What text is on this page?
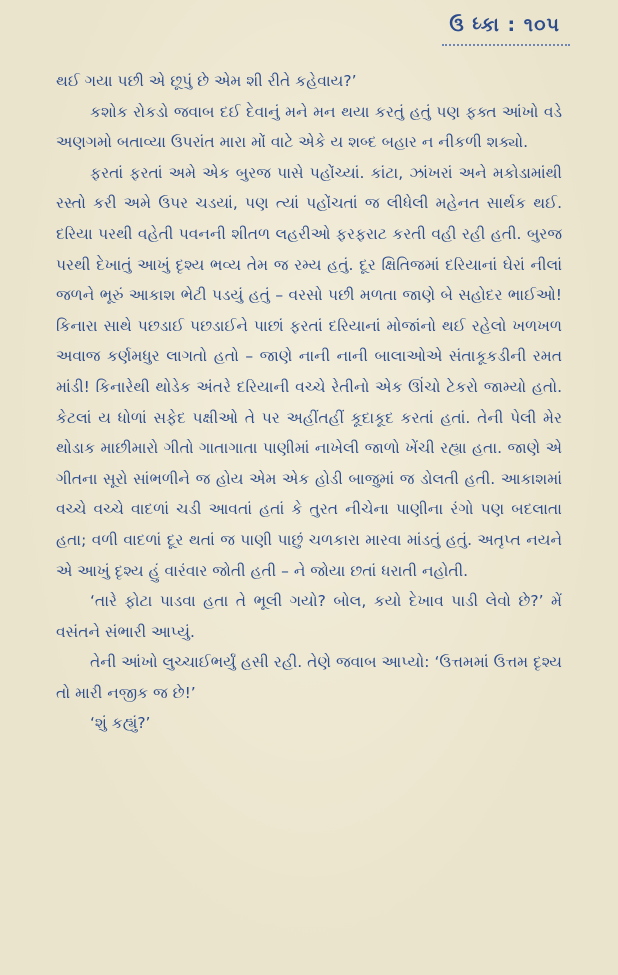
ઉ ધ્કા : ૧૦૫

થઈ ગયા પછી એ છૂપું છે એમ શી રીતે કહેવાય?’

કશોક રોકડો જવાબ દઈ દેવાનું મને મન થયા કરતું હતું પણ ફક્ત આંખો વડે અણગમો બતાવ્યા ઉપરાંત મારા મોં વાટે એકે ય શબ્દ બહાર ન નીકળી શક્યો.

ફરતાં ફરતાં અમે એક બુરજ પાસે પહોંચ્યાં. કાંટા, ઝાંખરાં અને મકોડામાંથી રસ્તો કરી અમે ઉપર ચડયાં, પણ ત્યાં પહોંચતાં જ લીધેલી મહેનત સાર્થક થઈ. દરિયા પરથી વહેતી પવનની શીતળ લહરીઓ ફરફરાટ કરતી વહી રહી હતી. બુરજ પરથી દેખાતું આખું દૃશ્ય ભવ્ય તેમ જ રમ્ય હતું. દૂર ક્ષિતિજમાં દરિયાનાં ઘેરાં નીલાં જળને ભૂરું આકાશ ભેટી પડયું હતું – વરસો પછી મળતા જાણે બે સહોદર ભાઈઓ! કિનારા સાથે પછડાઈ પછડાઈને પાછાં ફરતાં દરિયાનાં મોજાંનો થઈ રહેલો ખળખળ અવાજ કર્ણમધુર લાગતો હતો – જાણે નાની નાની બાલાઓએ સંતાકૂકડીની રમત માંડી! કિનારેથી થોડેક અંતરે દરિયાની વચ્ચે રેતીનો એક ઊંચો ટેકરો જામ્યો હતો. કેટલાં ય ધોળાં સફેદ પક્ષીઓ તે પર અહીંતહીં કૂદાકૂદ કરતાં હતાં. તેની પેલી મેર થોડાક માછીમારો ગીતો ગાતાગાતા પાણીમાં નાખેલી જાળો ખેંચી રહ્યા હતા. જાણે એ ગીતના સૂરો સાંભળીને જ હોય એમ એક હોડી બાજુમાં જ ડોલતી હતી. આકાશમાં વચ્ચે વચ્ચે વાદળાં ચડી આવતાં હતાં કે તુરત નીચેના પાણીના રંગો પણ બદલાતા હતા; વળી વાદળાં દૂર થતાં જ પાણી પાછું ચળકારા મારવા માંડતું હતું. અતૃપ્ત નયને એ આખું દૃશ્ય હું વારંવાર જોતી હતી – ને જોયા છતાં ધરાતી નહોતી.

‘તારે ફોટા પાડવા હતા તે ભૂલી ગયો? બોલ, કયો દેખાવ પાડી લેવો છે?’ મેં વસંતને સંભારી આપ્યું.

તેની આંખો લુચ્ચાઈભર્યું હસી રહી. તેણે જવાબ આપ્યો: ‘ઉત્તમમાં ઉત્તમ દૃશ્ય તો મારી નજીક જ છે!’

‘શું કહ્યું?’
